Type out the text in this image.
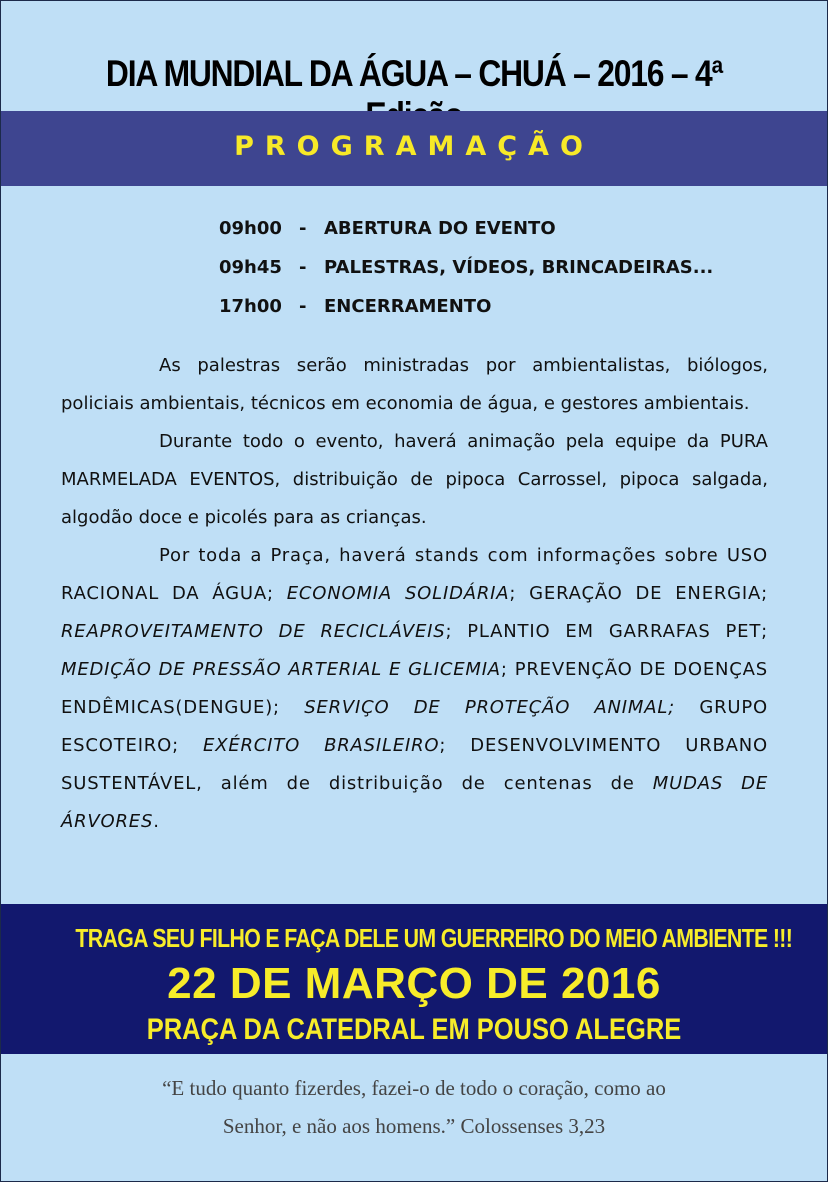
DIA MUNDIAL DA ÁGUA – CHUÁ – 2016 – 4ª
PROGRAMAÇÃO
09h00 - ABERTURA DO EVENTO
09h45 - PALESTRAS, VÍDEOS, BRINCADEIRAS...
17h00 - ENCERRAMENTO

As palestras serão ministradas por ambientalistas, biólogos, policiais ambientais, técnicos em economia de água, e gestores ambientais.

Durante todo o evento, haverá animação pela equipe da PURA MARMELADA EVENTOS, distribuição de pipoca Carrossel, pipoca salgada, algodão doce e picolés para as crianças.

Por toda a Praça, haverá stands com informações sobre USO RACIONAL DA ÁGUA; ECONOMIA SOLIDÁRIA; GERAÇÃO DE ENERGIA; REAPROVEITAMENTO DE RECICLÁVEIS; PLANTIO EM GARRAFAS PET; MEDIÇÃO DE PRESSÃO ARTERIAL E GLICEMIA; PREVENÇÃO DE DOENÇAS ENDÊMICAS(DENGUE); SERVIÇO DE PROTEÇÃO ANIMAL; GRUPO ESCOTEIRO; EXÉRCITO BRASILEIRO; DESENVOLVIMENTO URBANO SUSTENTÁVEL, além de distribuição de centenas de MUDAS DE ÁRVORES.

TRAGA SEU FILHO E FAÇA DELE UM GUERREIRO DO MEIO AMBIENTE !!!
22 DE MARÇO DE 2016
PRAÇA DA CATEDRAL EM POUSO ALEGRE
“E tudo quanto fizerdes, fazei-o de todo o coração, como ao
Senhor, e não aos homens.” Colossenses 3,23
